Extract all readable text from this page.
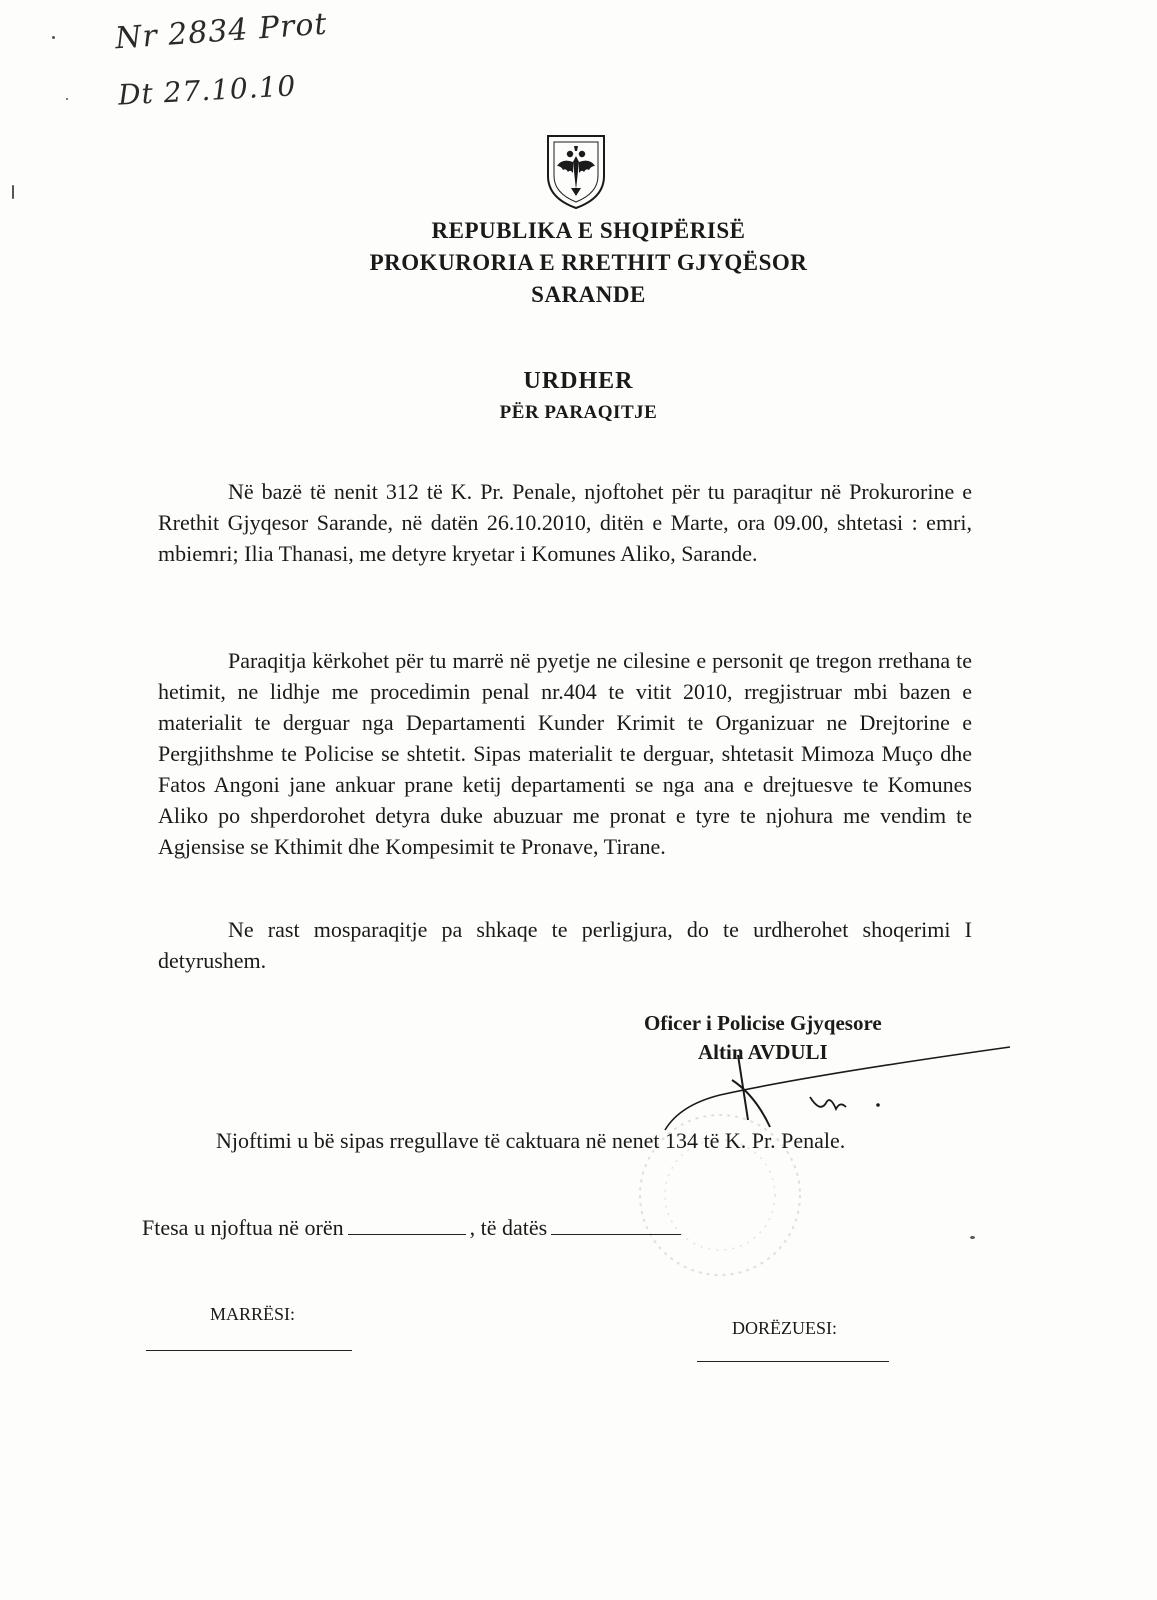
Nr 2834 Prot
Dt 27.10.10
REPUBLIKA E SHQIPËRISË
PROKURORIA E RRETHIT GJYQËSOR
SARANDE
URDHER
PËR PARAQITJE
Në bazë të nenit 312 të K. Pr. Penale, njoftohet për tu paraqitur në Prokurorine e Rrethit Gjyqesor Sarande, në datën 26.10.2010, ditën e Marte, ora 09.00, shtetasi : emri, mbiemri; Ilia Thanasi, me detyre kryetar i Komunes Aliko, Sarande.
Paraqitja kërkohet për tu marrë në pyetje ne cilesine e personit qe tregon rrethana te hetimit, ne lidhje me procedimin penal nr.404 te vitit 2010, rregjistruar mbi bazen e materialit te derguar nga Departamenti Kunder Krimit te Organizuar ne Drejtorine e Pergjithshme te Policise se shtetit. Sipas materialit te derguar, shtetasit Mimoza Muço dhe Fatos Angoni jane ankuar prane ketij departamenti se nga ana e drejtuesve te Komunes Aliko po shperdorohet detyra duke abuzuar me pronat e tyre te njohura me vendim te Agjensise se Kthimit dhe Kompesimit te Pronave, Tirane.
Ne rast mosparaqitje pa shkaqe te perligjura, do te urdherohet shoqerimi I detyrushem.
Oficer i Policise Gjyqesore
Altin AVDULI
Njoftimi u bë sipas rregullave të caktuara në nenet 134 të K. Pr. Penale.
Ftesa u njoftua në orën	, të datës
MARRËSI:
DORËZUESI:
